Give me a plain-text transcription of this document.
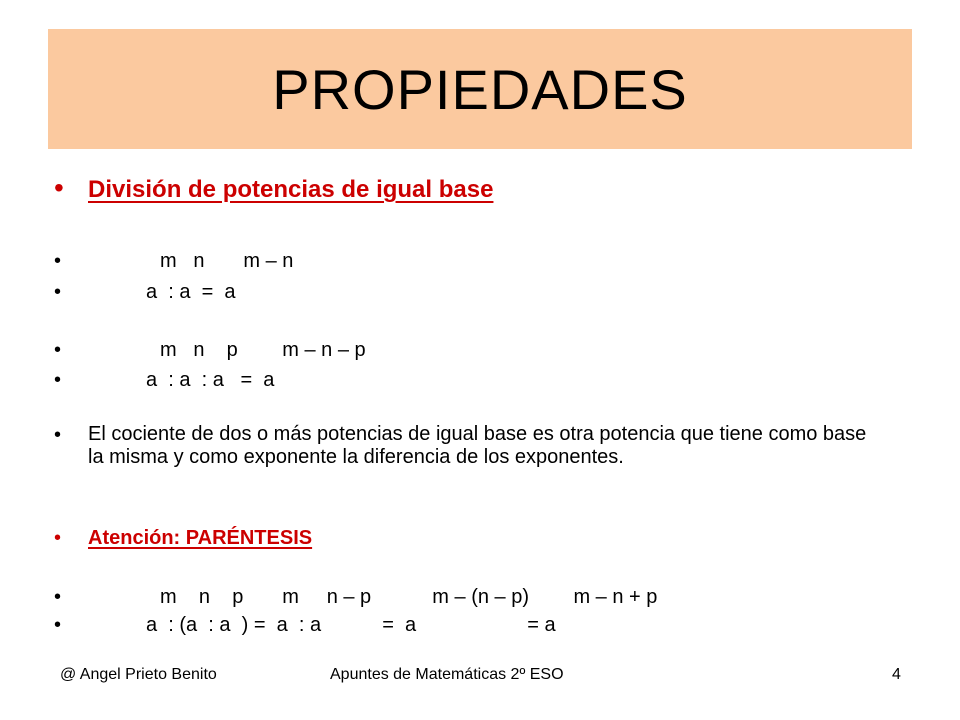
PROPIEDADES

•

División de potencias de igual base

•

	m   n       m – n

•

	a  : a  =  a

•

	m   n    p        m – n – p

•

	a  : a  : a   =  a

•

El cociente de dos o más potencias de igual base es otra potencia que tiene como base la misma y como exponente la diferencia de los exponentes.

•

Atención: PARÉNTESIS

•

	m    n    p       m     n – p           m – (n – p)        m – n + p

•

	a  : (a  : a  ) =  a  : a           =  a                    = a

@ Angel Prieto Benito	Apuntes de Matemáticas 2º ESO	4
